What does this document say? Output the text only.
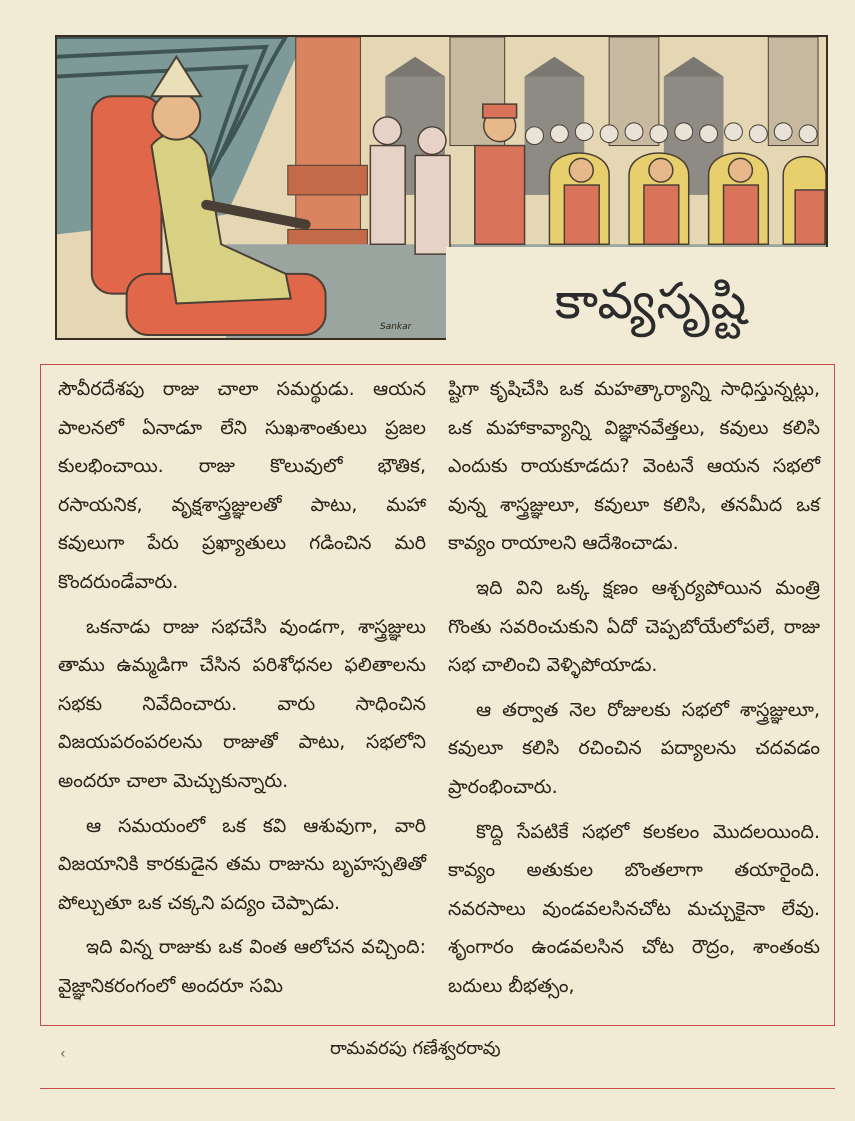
Sankar	కావ్యసృష్టి

సౌవీరదేశపు రాజు చాలా సమర్థుడు. ఆయన పాలనలో ఏనాడూ లేని సుఖశాంతులు ప్రజల కులభించాయి. రాజు కొలువులో భౌతిక, రసాయనిక, వృక్షశాస్త్రజ్ఞులతో పాటు, మహా కవులుగా పేరు ప్రఖ్యాతులు గడించిన మరి కొందరుండేవారు.

ఒకనాడు రాజు సభచేసి వుండగా, శాస్త్రజ్ఞులు తాము ఉమ్మడిగా చేసిన పరిశోధనల ఫలితాలను సభకు నివేదించారు. వారు సాధించిన విజయపరంపరలను రాజుతో పాటు, సభలోని అందరూ చాలా మెచ్చుకున్నారు.

ఆ సమయంలో ఒక కవి ఆశువుగా, వారి విజయానికి కారకుడైన తమ రాజును బృహస్పతితో పోల్చుతూ ఒక చక్కని పద్యం చెప్పాడు.

ఇది విన్న రాజుకు ఒక వింత ఆలోచన వచ్చింది: వైజ్ఞానికరంగంలో అందరూ సమి

ష్టిగా కృషిచేసి ఒక మహత్కార్యాన్ని సాధిస్తున్నట్లు, ఒక మహాకావ్యాన్ని విజ్ఞానవేత్తలు, కవులు కలిసి ఎందుకు రాయకూడదు? వెంటనే ఆయన సభలో వున్న శాస్త్రజ్ఞులూ, కవులూ కలిసి, తనమీద ఒక కావ్యం రాయాలని ఆదేశించాడు.

ఇది విని ఒక్క క్షణం ఆశ్చర్యపోయిన మంత్రి గొంతు సవరించుకుని ఏదో చెప్పబోయేలోపలే, రాజు సభ చాలించి వెళ్ళిపోయాడు.

ఆ తర్వాత నెల రోజులకు సభలో శాస్త్రజ్ఞులూ, కవులూ కలిసి రచించిన పద్యాలను చదవడం ప్రారంభించారు.

కొద్ది సేపటికే సభలో కలకలం మొదలయింది. కావ్యం అతుకుల బొంతలాగా తయారైంది. నవరసాలు వుండవలసినచోట మచ్చుకైనా లేవు. శృంగారం ఉండవలసిన చోట రౌద్రం, శాంతంకు బదులు బీభత్సం,

‹	రామవరపు గణేశ్వరరావు
